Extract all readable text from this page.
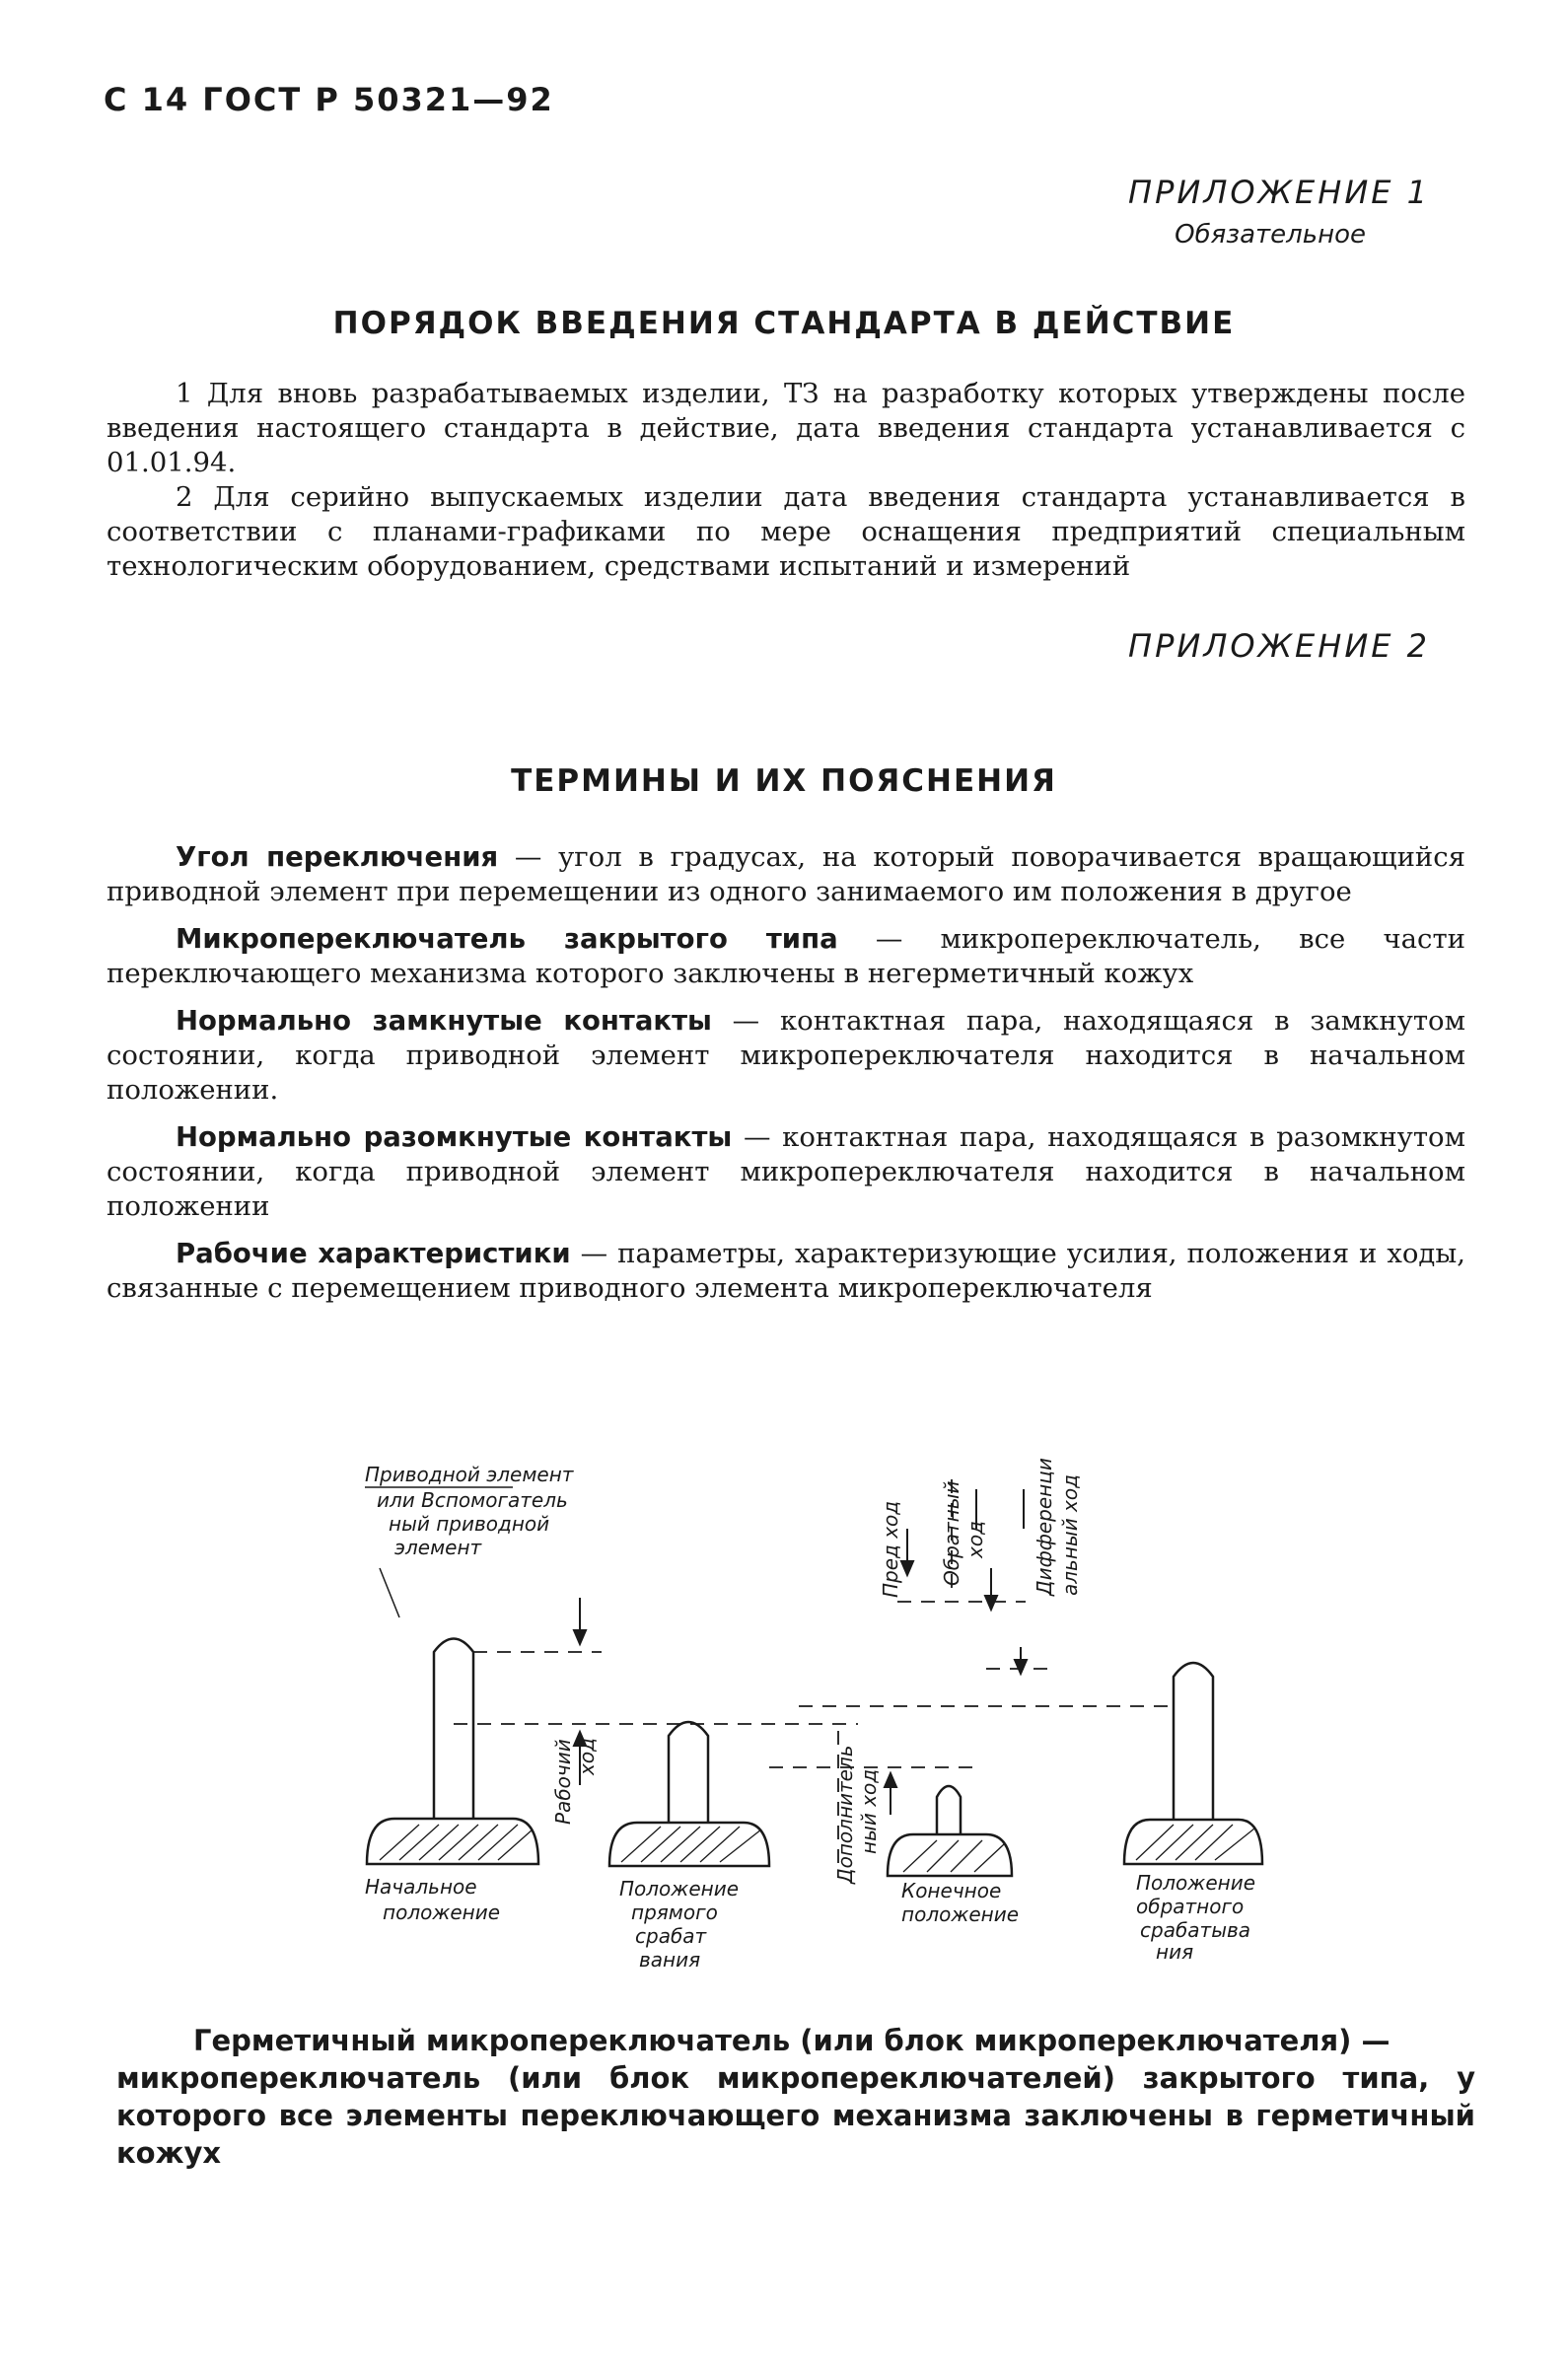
С 14 ГОСТ Р 50321—92
ПРИЛОЖЕНИЕ 1
Обязательное
ПОРЯДОК ВВЕДЕНИЯ СТАНДАРТА В ДЕЙСТВИЕ

1 Для вновь разрабатываемых изделии, ТЗ на разработку которых утверждены после введения настоящего стандарта в действие, дата введения стандарта устанавливается с 01.01.94.

2 Для серийно выпускаемых изделии дата введения стандарта устанавливается в соответствии с планами-графиками по мере оснащения предприятий специальным технологическим оборудованием, средствами испытаний и измерений

ПРИЛОЖЕНИЕ 2
ТЕРМИНЫ И ИХ ПОЯСНЕНИЯ

Угол переключения — угол в градусах, на который поворачивается вращающийся приводной элемент при перемещении из одного занимаемого им положения в другое

Микропереключатель закрытого типа — микропереключатель, все части переключающего механизма которого заключены в негерметичный кожух

Нормально замкнутые контакты — контактная пара, находящаяся в замкнутом состоянии, когда приводной элемент микропереключателя находится в начальном положении.

Нормально разомкнутые контакты — контактная пара, находящаяся в разомкнутом состоянии, когда приводной элемент микропереключателя находится в начальном положении

Рабочие характеристики — параметры, характеризующие усилия, положения и ходы, связанные с перемещением приводного элемента микропереключателя

Приводной элемент
или Вспомогатель
ный приводной
элемент	Пред ход Обратный ход Дифференци альный ход
Рабочий ход	Дополнитель ный ход
Начальное
положение
Положение
прямого
срабат
вания
Конечное
положение
Положение
обратного
срабатыва
ния

Герметичный микропереключатель (или блок микропереключателя) —

микропереключатель (или блок микропереключателей) закрытого типа, у которого все элементы переключающего механизма заключены в герметичный кожух
